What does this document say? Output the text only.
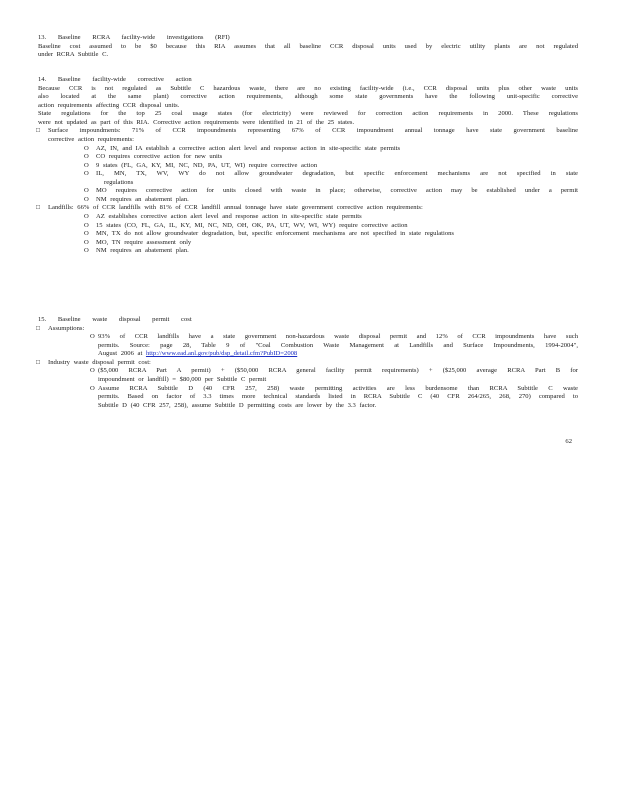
13. Baseline RCRA facility-wide investigations (RFI)

Baseline cost assumed to be $0 because this RIA assumes that all baseline CCR disposal units used by electric utility plants are not regulated

under RCRA Subtitle C.

14. Baseline facility-wide corrective action

Because CCR is not regulated as Subtitle C hazardous waste, there are no existing facility-wide (i.e., CCR disposal units plus other waste units

also located at the same plant) corrective action requirements, although some state governments have the following unit-specific corrective

action requirements affecting CCR disposal units.

State regulations for the top 25 coal usage states (for electricity) were reviewed for correction action requirements in 2000. These regulations

were not updated as part of this RIA. Corrective action requirements were identified in 21 of the 25 states.

□ Surface impoundments: 71% of CCR impoundments representing 67% of CCR impoundment annual tonnage have state government baseline

corrective action requirements:

O AZ, IN, and IA establish a corrective action alert level and response action in site-specific state permits

O CO requires corrective action for new units

O 9 states (FL, GA, KY, MI, NC, ND, PA, UT, WI) require corrective action

O IL, MN, TX, WV, WY do not allow groundwater degradation, but specific enforcement mechanisms are not specified in state

regulations

O MO requires corrective action for units closed with waste in place; otherwise, corrective action may be established under a permit

O NM requires an abatement plan.

□ Landfills: 66% of CCR landfills with 81% of CCR landfill annual tonnage have state government corrective action requirements:

O AZ establishes corrective action alert level and response action in site-specific state permits

O 15 states (CO, FL, GA, IL, KY, MI, NC, ND, OH, OK, PA, UT, WV, WI, WY) require corrective action

O MN, TX do not allow groundwater degradation, but, specific enforcement mechanisms are not specified in state regulations

O MO, TN require assessment only

O NM requires an abatement plan.

15. Baseline waste disposal permit cost

□ Assumptions:

O 93% of CCR landfills have a state government non-hazardous waste disposal permit and 12% of CCR impoundments have such

permits. Source: page 28, Table 9 of "Coal Combustion Waste Management at Landfills and Surface Impoundments, 1994-2004",

August 2006 at http://www.ead.anl.gov/pub/dsp_detail.cfm?PubID=2008

□ Industry waste disposal permit cost:

O ($5,000 RCRA Part A permit) + ($50,000 RCRA general facility permit requirements) + ($25,000 average RCRA Part B for

impoundment or landfill) = $80,000 per Subtitle C permit

O Assume RCRA Subtitle D (40 CFR 257, 258) waste permitting activities are less burdensome than RCRA Subtitle C waste

permits. Based on factor of 3.3 times more technical standards listed in RCRA Subtitle C (40 CFR 264/265, 268, 270) compared to

Subtitle D (40 CFR 257, 258), assume Subtitle D permitting costs are lower by the 3.3 factor.

62
